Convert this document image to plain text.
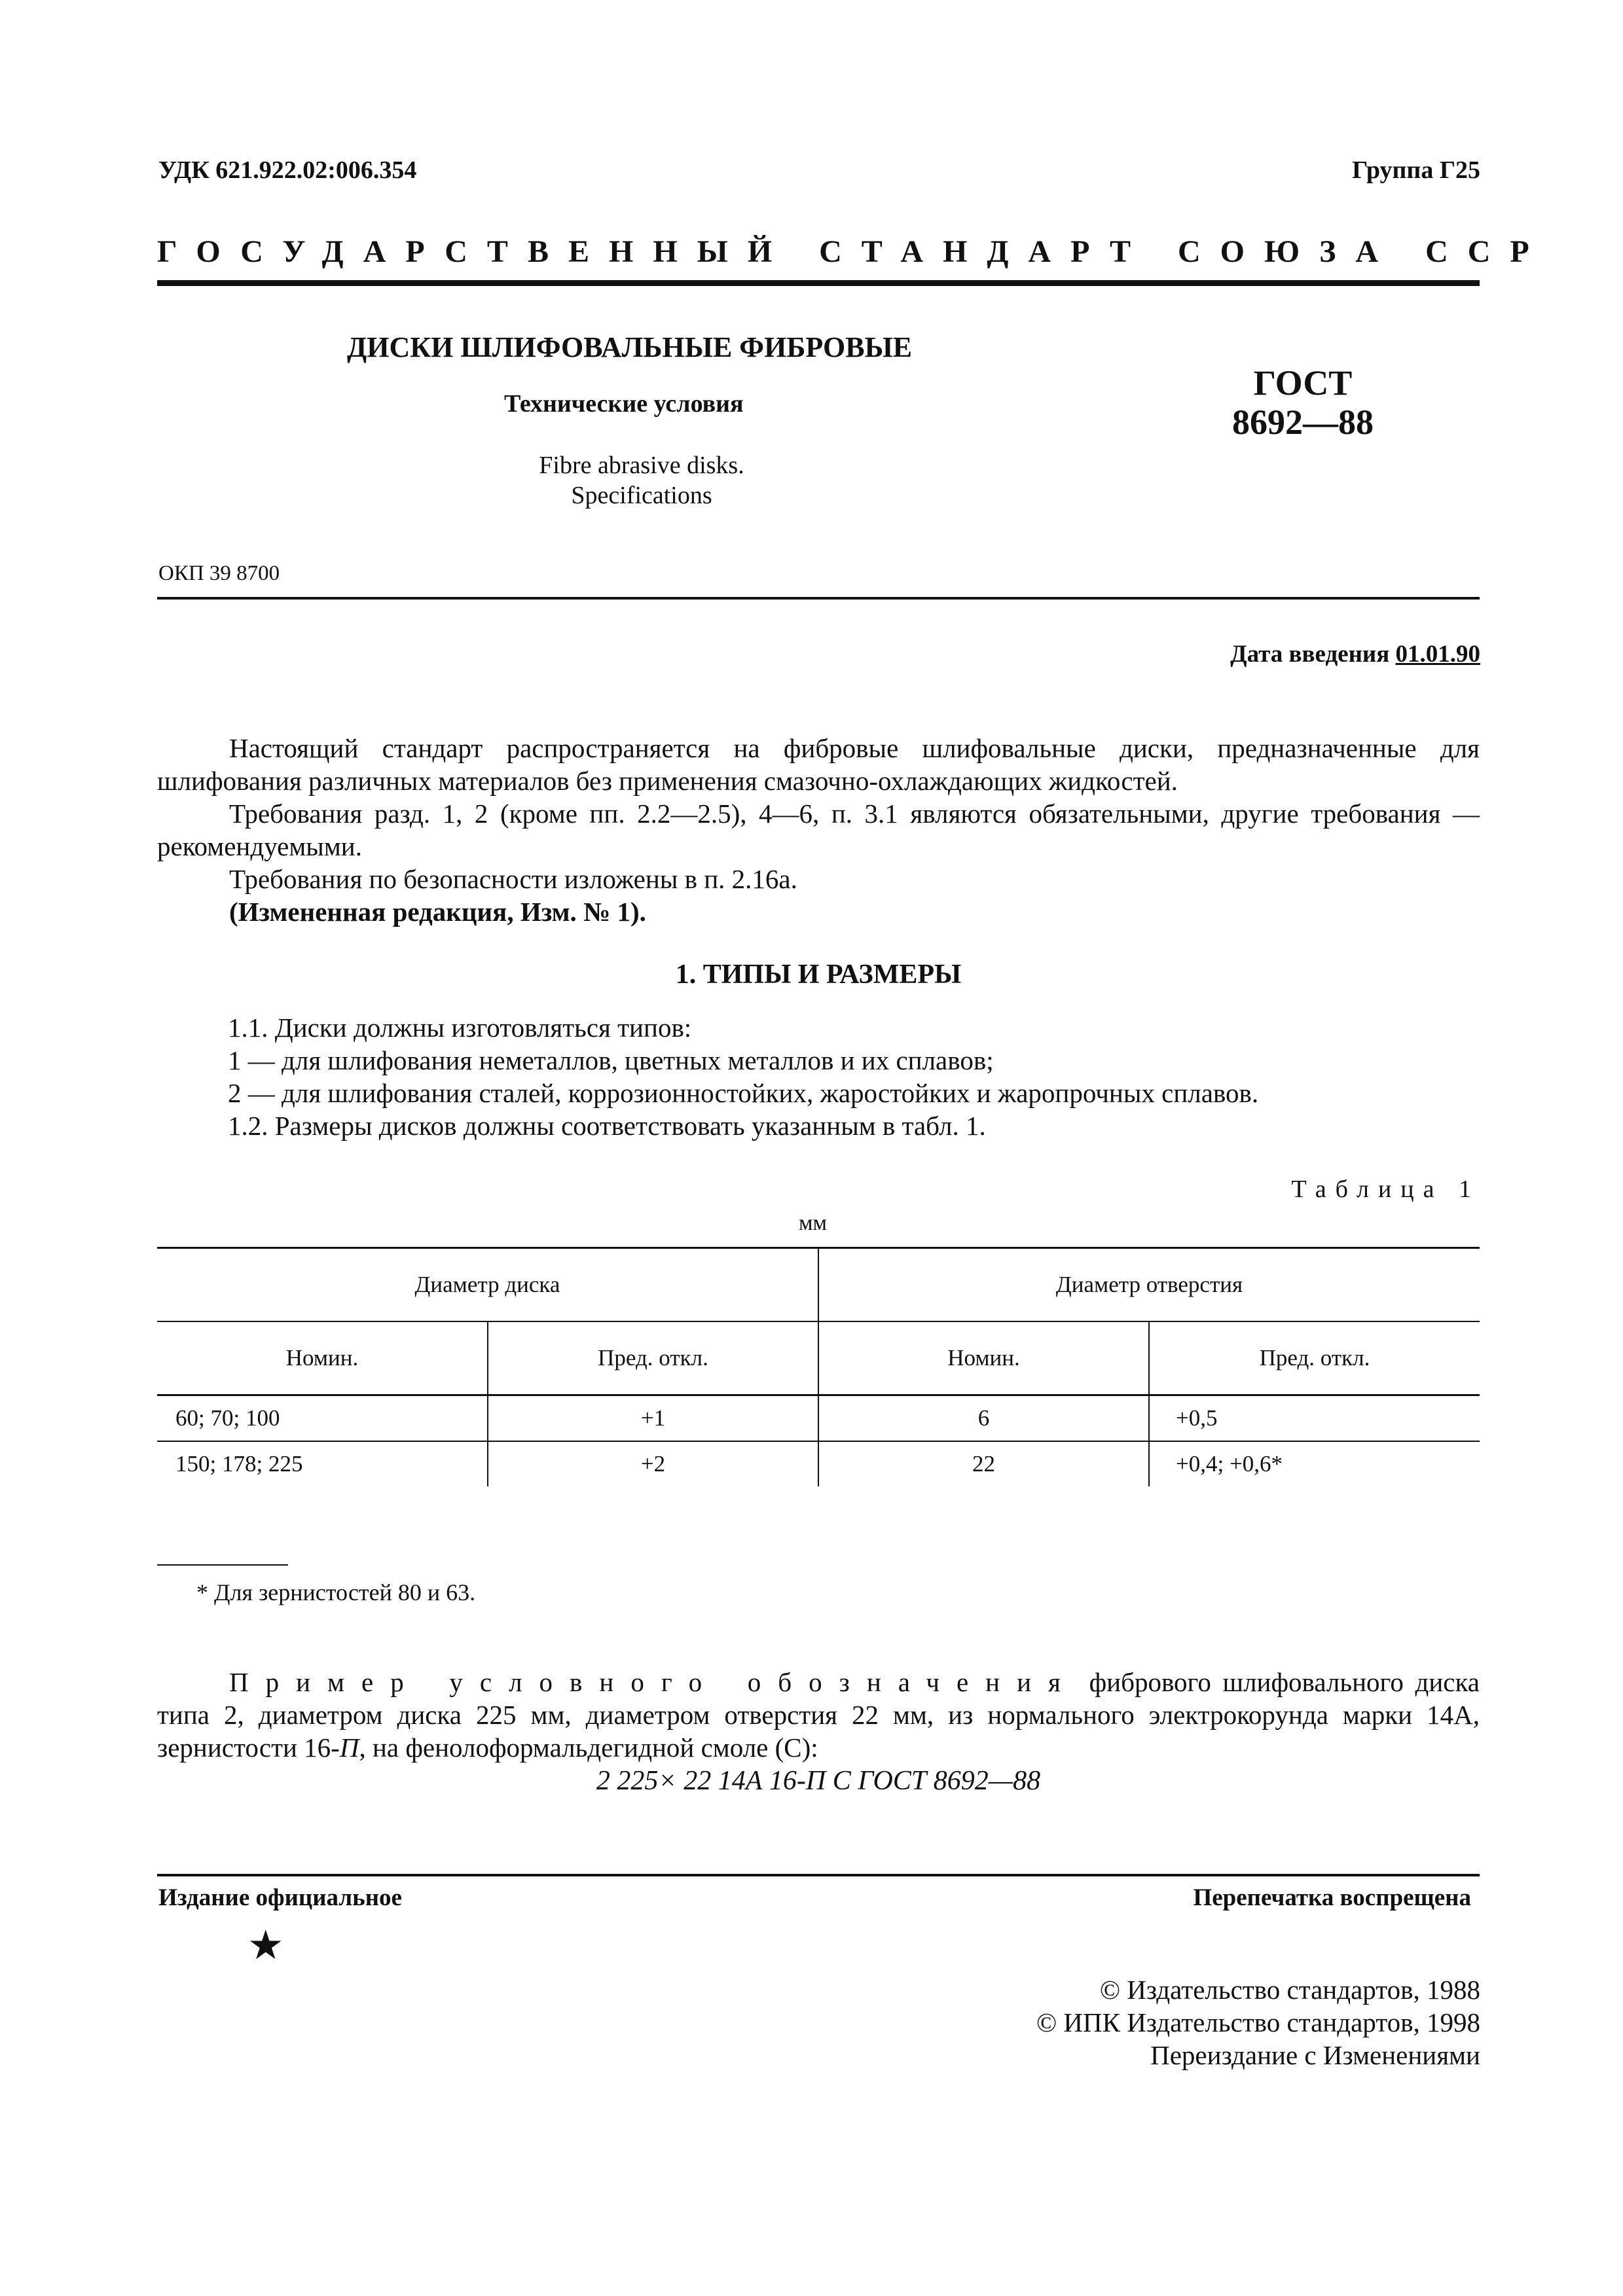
УДК 621.922.02:006.354	Группа Г25
ГОСУДАРСТВЕННЫЙ СТАНДАРТ СОЮЗА ССР
ДИСКИ ШЛИФОВАЛЬНЫЕ ФИБРОВЫЕ
Технические условия
Fibre abrasive disks.
Specifications
ГОСТ
8692—88
ОКП 39 8700
Дата введения 01.01.90

Настоящий стандарт распространяется на фибровые шлифовальные диски, предназначенные для шлифования различных материалов без применения смазочно-охлаждающих жидкостей.

Требования разд. 1, 2 (кроме пп. 2.2—2.5), 4—6, п. 3.1 являются обязательными, другие требования — рекомендуемыми.

Требования по безопасности изложены в п. 2.16а.

(Измененная редакция, Изм. № 1).

1. ТИПЫ И РАЗМЕРЫ
1.1. Диски должны изготовляться типов:
1 — для шлифования неметаллов, цветных металлов и их сплавов;
2 — для шлифования сталей, коррозионностойких, жаростойких и жаропрочных сплавов.
1.2. Размеры дисков должны соответствовать указанным в табл. 1.
Таблица 1
мм
Диаметр диска		Диаметр отверстия	
Номин.	Пред. откл.	Номин.	Пред. откл.
60; 70; 100	+1	6	+0,5
150; 178; 225	+2	22	+0,4; +0,6*
* Для зернистостей 80 и 63.

Пример условного обозначения фибрового шлифовального диска типа 2, диаметром диска 225 мм, диаметром отверстия 22 мм, из нормального электрокорунда марки 14А, зернистости 16-П, на фенолоформальдегидной смоле (С):

2 225× 22 14А 16-П С ГОСТ 8692—88
Издание официальное	Перепечатка воспрещена
★
© Издательство стандартов, 1988
© ИПК Издательство стандартов, 1998
Переиздание с Изменениями
